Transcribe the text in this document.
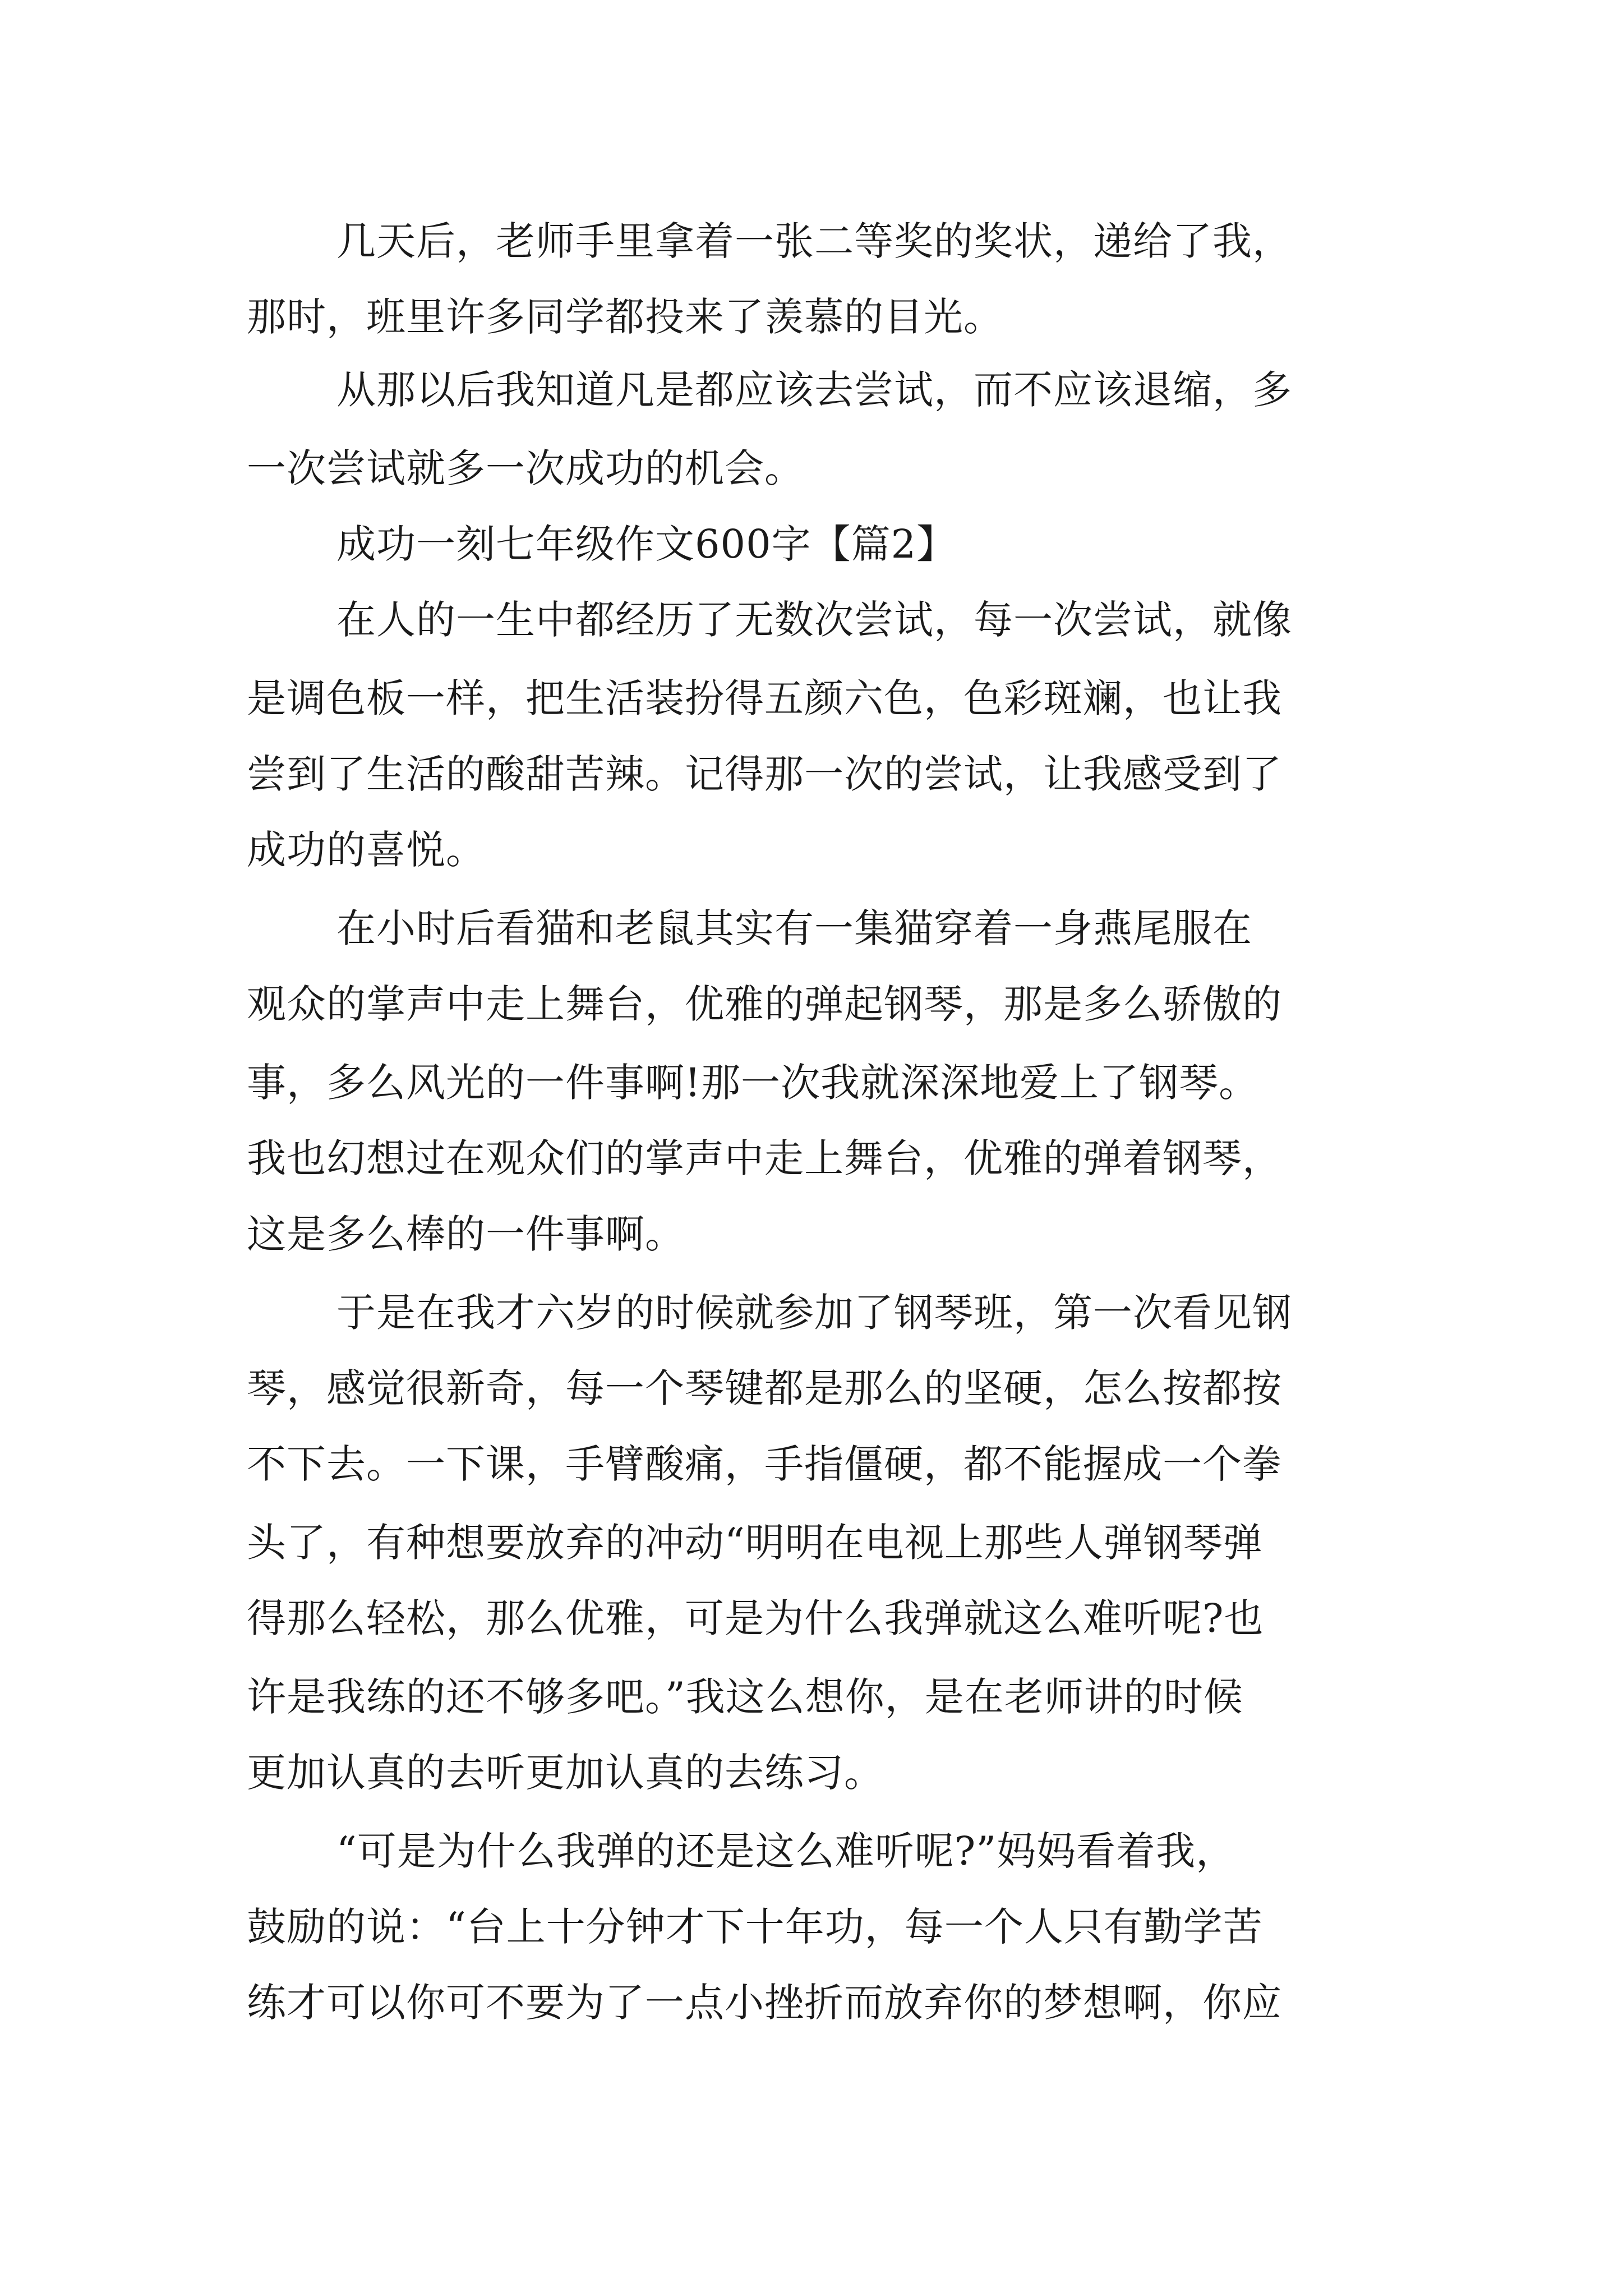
几天后，老师手里拿着一张二等奖的奖状，递给了我，
那时，班里许多同学都投来了羡慕的目光。
从那以后我知道凡是都应该去尝试，而不应该退缩，多
一次尝试就多一次成功的机会。
成功一刻七年级作文600字【篇2】
在人的一生中都经历了无数次尝试，每一次尝试，就像
是调色板一样，把生活装扮得五颜六色，色彩斑斓，也让我
尝到了生活的酸甜苦辣。记得那一次的尝试，让我感受到了
成功的喜悦。
在小时后看猫和老鼠其实有一集猫穿着一身燕尾服在
观众的掌声中走上舞台，优雅的弹起钢琴，那是多么骄傲的
事，多么风光的一件事啊!那一次我就深深地爱上了钢琴。
我也幻想过在观众们的掌声中走上舞台，优雅的弹着钢琴，
这是多么棒的一件事啊。
于是在我才六岁的时候就参加了钢琴班，第一次看见钢
琴，感觉很新奇，每一个琴键都是那么的坚硬，怎么按都按
不下去。一下课，手臂酸痛，手指僵硬，都不能握成一个拳
头了，有种想要放弃的冲动“明明在电视上那些人弹钢琴弹
得那么轻松，那么优雅，可是为什么我弹就这么难听呢?也
许是我练的还不够多吧。”我这么想你，是在老师讲的时候
更加认真的去听更加认真的去练习。
“可是为什么我弹的还是这么难听呢?”妈妈看着我，
鼓励的说：“台上十分钟才下十年功，每一个人只有勤学苦
练才可以你可不要为了一点小挫折而放弃你的梦想啊，你应
